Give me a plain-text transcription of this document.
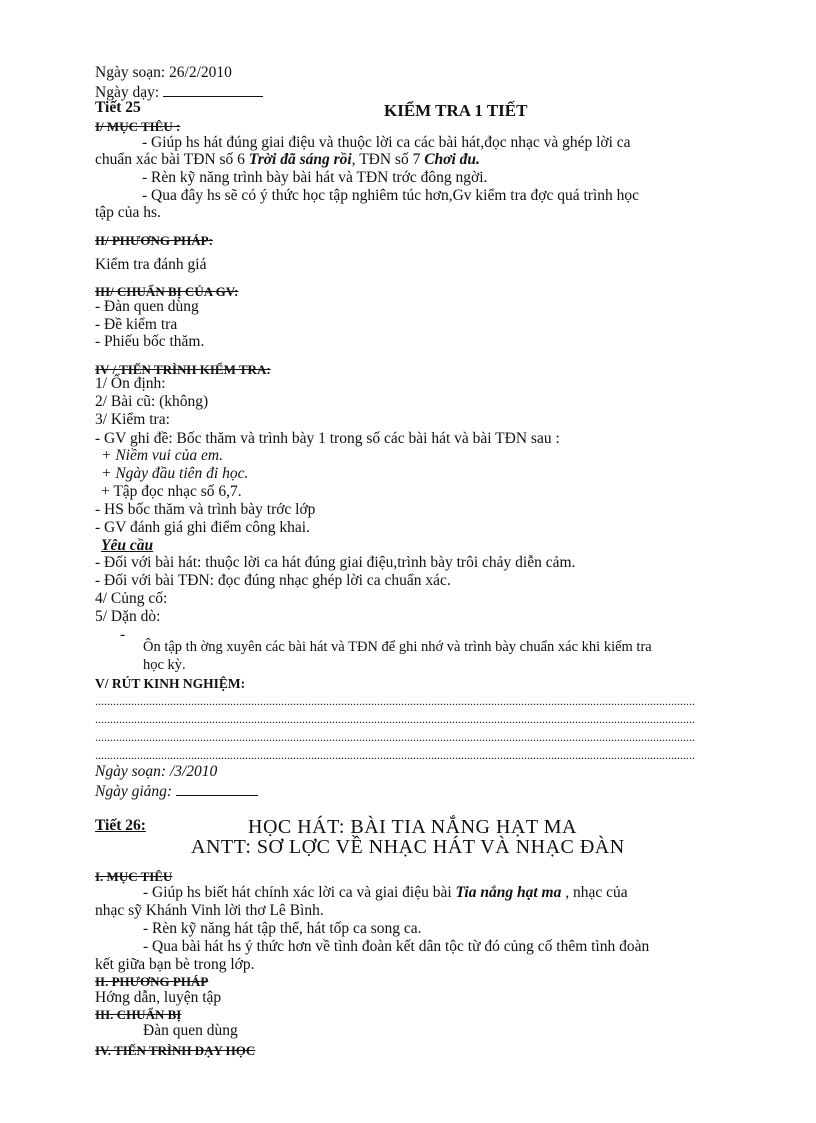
Ngày soạn: 26/2/2010
Ngày dạy:
Tiết 25	KIỂM TRA 1 TIẾT
I/ MỤC TIÊU :
- Giúp hs hát đúng giai điệu và thuộc lời ca các bài hát,đọc nhạc và ghép lời ca
chuẩn xác bài TĐN số 6 Trời đã sáng rồi, TĐN số 7 Chơi đu.
- Rèn kỹ năng trình bày bài hát và TĐN trớc đông ngời.
- Qua đây hs sẽ có ý thức học tập nghiêm túc hơn,Gv kiểm tra đợc quá trình học
tập của hs.
II/ PHƯƠNG PHÁP:
Kiểm tra đánh giá
III/ CHUẨN BỊ CỦA GV:
- Đàn quen dùng
- Đề kiểm tra
- Phiếu bốc thăm.
IV / TIẾN TRÌNH KIỂM TRA:
1/ Ổn định:
2/ Bài cũ: (không)
3/ Kiểm tra:
- GV ghi đề: Bốc thăm và trình bày 1 trong số các bài hát và bài TĐN sau :
+ Niềm vui của em.
+ Ngày đầu tiên đi học.
+ Tập đọc nhạc số 6,7.
- HS bốc thăm và trình bày trớc lớp
- GV đánh giá ghi điểm công khai.
Yêu cầu
- Đối với bài hát: thuộc lời ca hát đúng giai điệu,trình bày trôi chảy diễn cảm.
- Đối với bài TĐN: đọc đúng nhạc ghép lời ca chuẩn xác.
4/ Củng cố:
5/ Dặn dò:
-
Ôn tập th ờng xuyên các bài hát và TĐN để ghi nhớ và trình bày chuẩn xác khi kiểm tra
học kỳ.
V/ RÚT KINH NGHIỆM:
........................................................................................................................................................................................................
........................................................................................................................................................................................................
........................................................................................................................................................................................................
........................................................................................................................................................................................................
Ngày soạn: /3/2010
Ngày giảng:
Tiết 26:	HỌC HÁT: BÀI TIA NẮNG HẠT MA
ANTT: SƠ LỢC VỀ NHẠC HÁT VÀ NHẠC ĐÀN
I. MỤC TIÊU
- Giúp hs biết hát chính xác lời ca và giai điệu bài Tia nắng hạt ma , nhạc của
nhạc sỹ Khánh Vinh lời thơ Lê Bình.
- Rèn kỹ năng hát tập thể, hát tốp ca song ca.
- Qua bài hát hs ý thức hơn về tình đoàn kết dân tộc từ đó củng cố thêm tình đoàn
kết giữa bạn bè trong lớp.
II. PHƯƠNG PHÁP
Hớng dẫn, luyện tập
III. CHUẨN BỊ
Đàn quen dùng
IV. TIẾN TRÌNH DẠY HỌC
